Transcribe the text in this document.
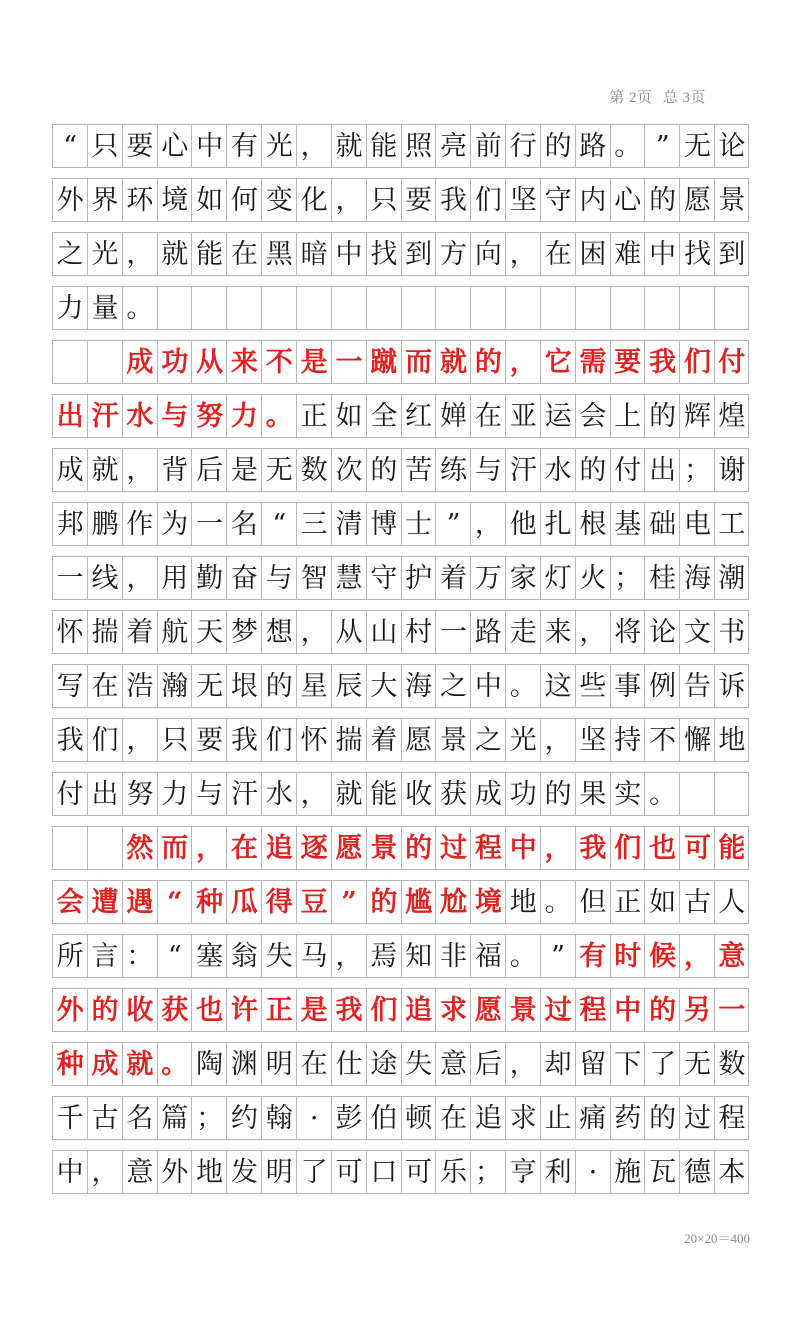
第 2页 总 3页
“ 只 要 心 中 有 光 ， 就 能 照 亮 前 行 的 路 。 ” 无 论
外 界 环 境 如 何 变 化 ， 只 要 我 们 坚 守 内 心 的 愿 景
之 光 ， 就 能 在 黑 暗 中 找 到 方 向 ， 在 困 难 中 找 到
力 量 。
成 功 从 来 不 是 一 蹴 而 就 的 ， 它 需 要 我 们 付
出 汗 水 与 努 力 。 正 如 全 红 婵 在 亚 运 会 上 的 辉 煌
成 就 ， 背 后 是 无 数 次 的 苦 练 与 汗 水 的 付 出 ； 谢
邦 鹏 作 为 一 名 “ 三 清 博 士 ” ， 他 扎 根 基 础 电 工
一 线 ， 用 勤 奋 与 智 慧 守 护 着 万 家 灯 火 ； 桂 海 潮
怀 揣 着 航 天 梦 想 ， 从 山 村 一 路 走 来 ， 将 论 文 书
写 在 浩 瀚 无 垠 的 星 辰 大 海 之 中 。 这 些 事 例 告 诉
我 们 ， 只 要 我 们 怀 揣 着 愿 景 之 光 ， 坚 持 不 懈 地
付 出 努 力 与 汗 水 ， 就 能 收 获 成 功 的 果 实 。
然 而 ， 在 追 逐 愿 景 的 过 程 中 ， 我 们 也 可 能
会 遭 遇 “ 种 瓜 得 豆 ” 的 尴 尬 境 地 。 但 正 如 古 人
所 言 ： “ 塞 翁 失 马 ， 焉 知 非 福 。 ” 有 时 候 ， 意
外 的 收 获 也 许 正 是 我 们 追 求 愿 景 过 程 中 的 另 一
种 成 就 。 陶 渊 明 在 仕 途 失 意 后 ， 却 留 下 了 无 数
千 古 名 篇 ； 约 翰 · 彭 伯 顿 在 追 求 止 痛 药 的 过 程
中 ， 意 外 地 发 明 了 可 口 可 乐 ； 亨 利 · 施 瓦 德 本
20×20＝400
